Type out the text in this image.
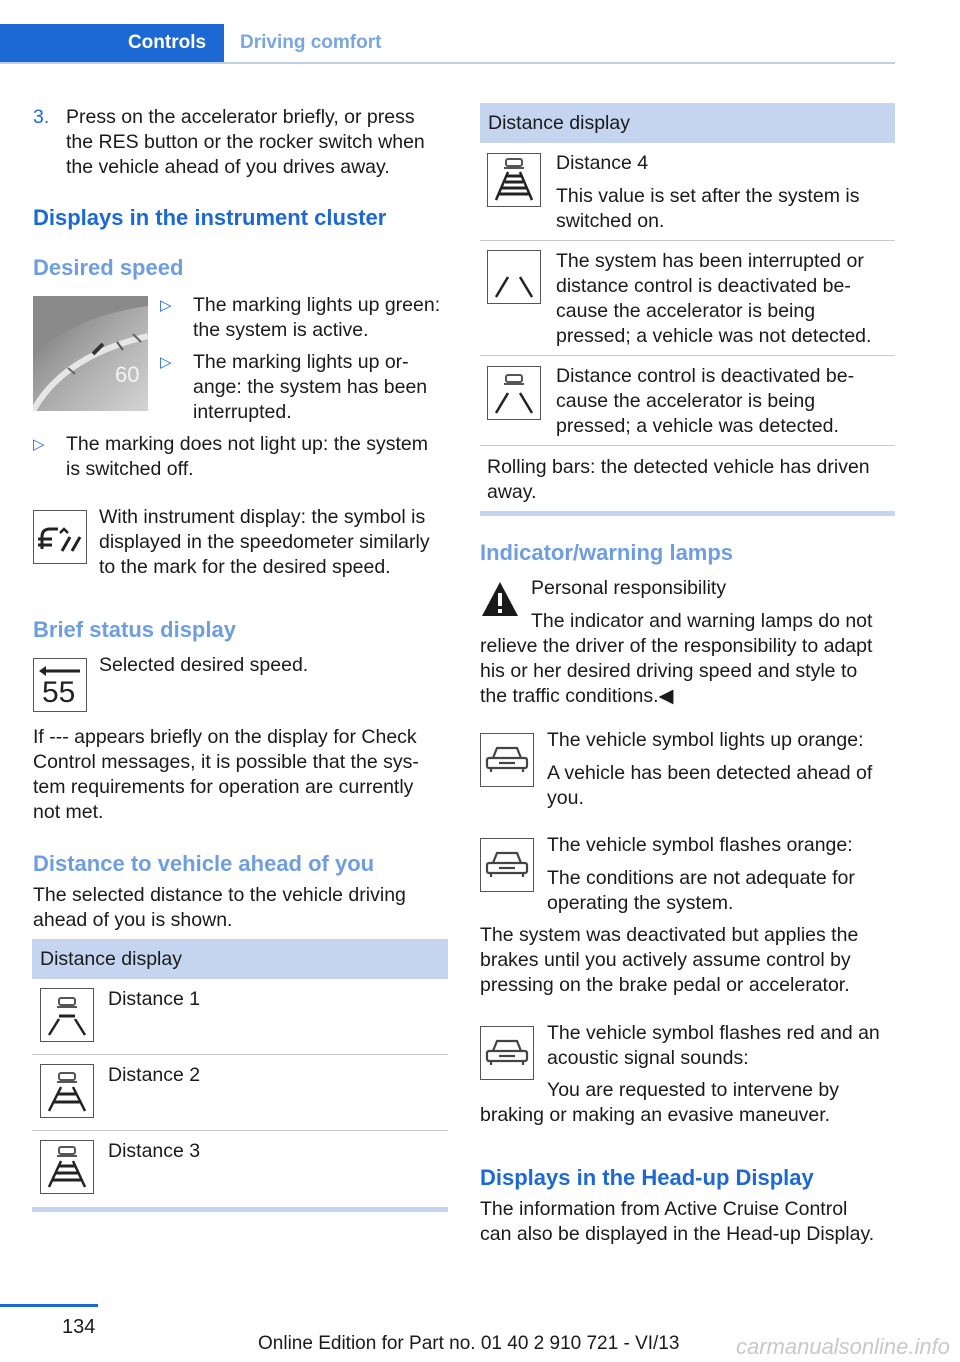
Controls	Driving comfort
3. Press on the accelerator briefly, or press

the RES button or the rocker switch when

the vehicle ahead of you drives away.

Displays in the instrument cluster
Desired speed
60
▷ The marking lights up green:

the system is active.

▷ The marking lights up or-

ange: the system has been

interrupted.

▷ The marking does not light up: the system

is switched off.

With instrument display: the symbol is

displayed in the speedometer similarly

to the mark for the desired speed.

Brief status display
55

Selected desired speed.

If --- appears briefly on the display for Check

Control messages, it is possible that the sys-

tem requirements for operation are currently

not met.

Distance to vehicle ahead of you

The selected distance to the vehicle driving

ahead of you is shown.

Distance display

Distance 1

Distance 2

Distance 3

Distance display

Distance 4

This value is set after the system is

switched on.

The system has been interrupted or

distance control is deactivated be-

cause the accelerator is being

pressed; a vehicle was not detected.

Distance control is deactivated be-

cause the accelerator is being

pressed; a vehicle was detected.

Rolling bars: the detected vehicle has driven

away.

Indicator/warning lamps

Personal responsibility

The indicator and warning lamps do not

relieve the driver of the responsibility to adapt

his or her desired driving speed and style to

the traffic conditions.◀

The vehicle symbol lights up orange:

A vehicle has been detected ahead of

you.

The vehicle symbol flashes orange:

The conditions are not adequate for

operating the system.

The system was deactivated but applies the

brakes until you actively assume control by

pressing on the brake pedal or accelerator.

The vehicle symbol flashes red and an

acoustic signal sounds:

You are requested to intervene by

braking or making an evasive maneuver.

Displays in the Head-up Display

The information from Active Cruise Control

can also be displayed in the Head-up Display.

134
Online Edition for Part no. 01 40 2 910 721 - VI/13	carmanualsonline.info
